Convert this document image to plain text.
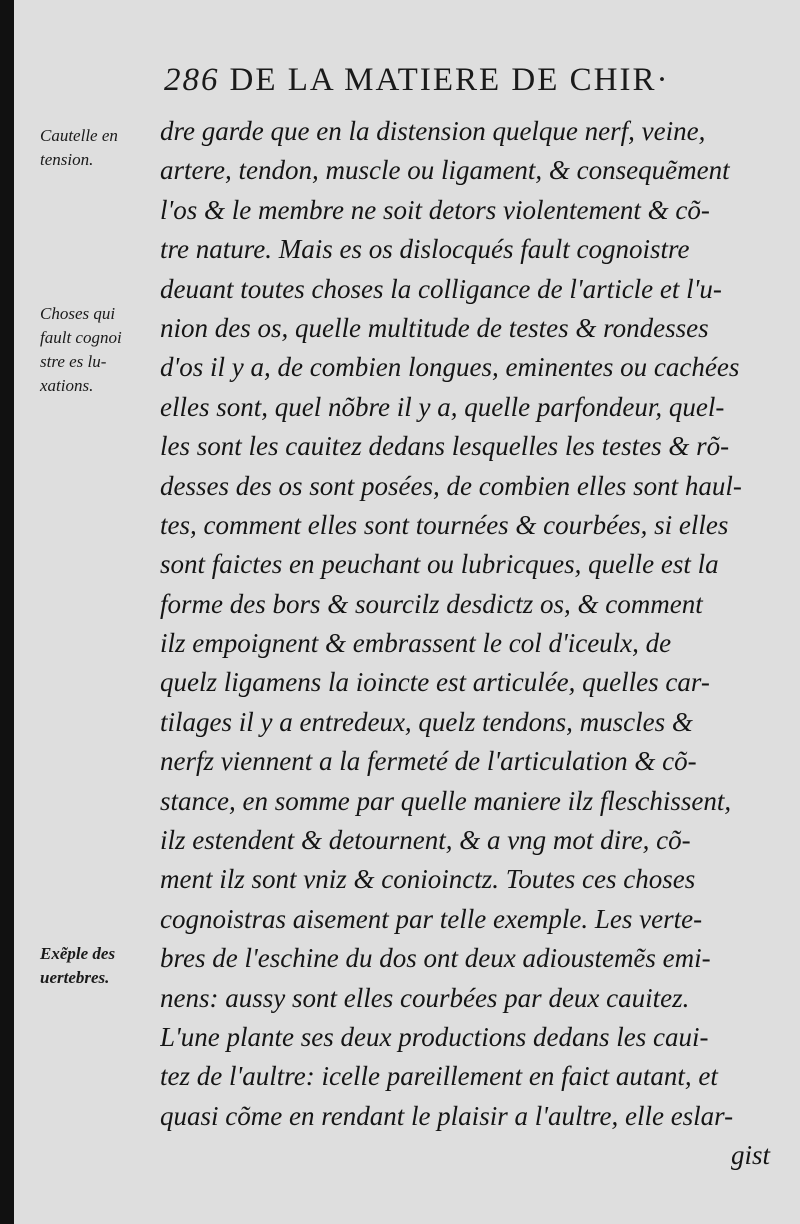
286 DE LA MATIERE DE CHIR·
Cautelle en
tension.
Choses qui
fault cognoi
stre es lu-
xations.
Exẽple des
uertebres.
dre garde que en la distension quelque nerf, veine,
artere, tendon, muscle ou ligament, & consequẽment
l'os & le membre ne soit detors violentement & cõ-
tre nature. Mais es os dislocqués fault cognoistre
deuant toutes choses la colligance de l'article et l'u-
nion des os, quelle multitude de testes & rondesses
d'os il y a, de combien longues, eminentes ou cachées
elles sont, quel nõbre il y a, quelle parfondeur, quel-
les sont les cauitez dedans lesquelles les testes & rõ-
desses des os sont posées, de combien elles sont haul-
tes, comment elles sont tournées & courbées, si elles
sont faictes en peuchant ou lubricques, quelle est la
forme des bors & sourcilz desdictz os, & comment
ilz empoignent & embrassent le col d'iceulx, de
quelz ligamens la ioincte est articulée, quelles car-
tilages il y a entredeux, quelz tendons, muscles &
nerfz viennent a la fermeté de l'articulation & cõ-
stance, en somme par quelle maniere ilz fleschissent,
ilz estendent & detournent, & a vng mot dire, cõ-
ment ilz sont vniz & conioinctz. Toutes ces choses
cognoistras aisement par telle exemple. Les verte-
bres de l'eschine du dos ont deux adioustemẽs emi-
nens: aussy sont elles courbées par deux cauitez.
L'une plante ses deux productions dedans les caui-
tez de l'aultre: icelle pareillement en faict autant, et
quasi cõme en rendant le plaisir a l'aultre, elle eslar-
gist
